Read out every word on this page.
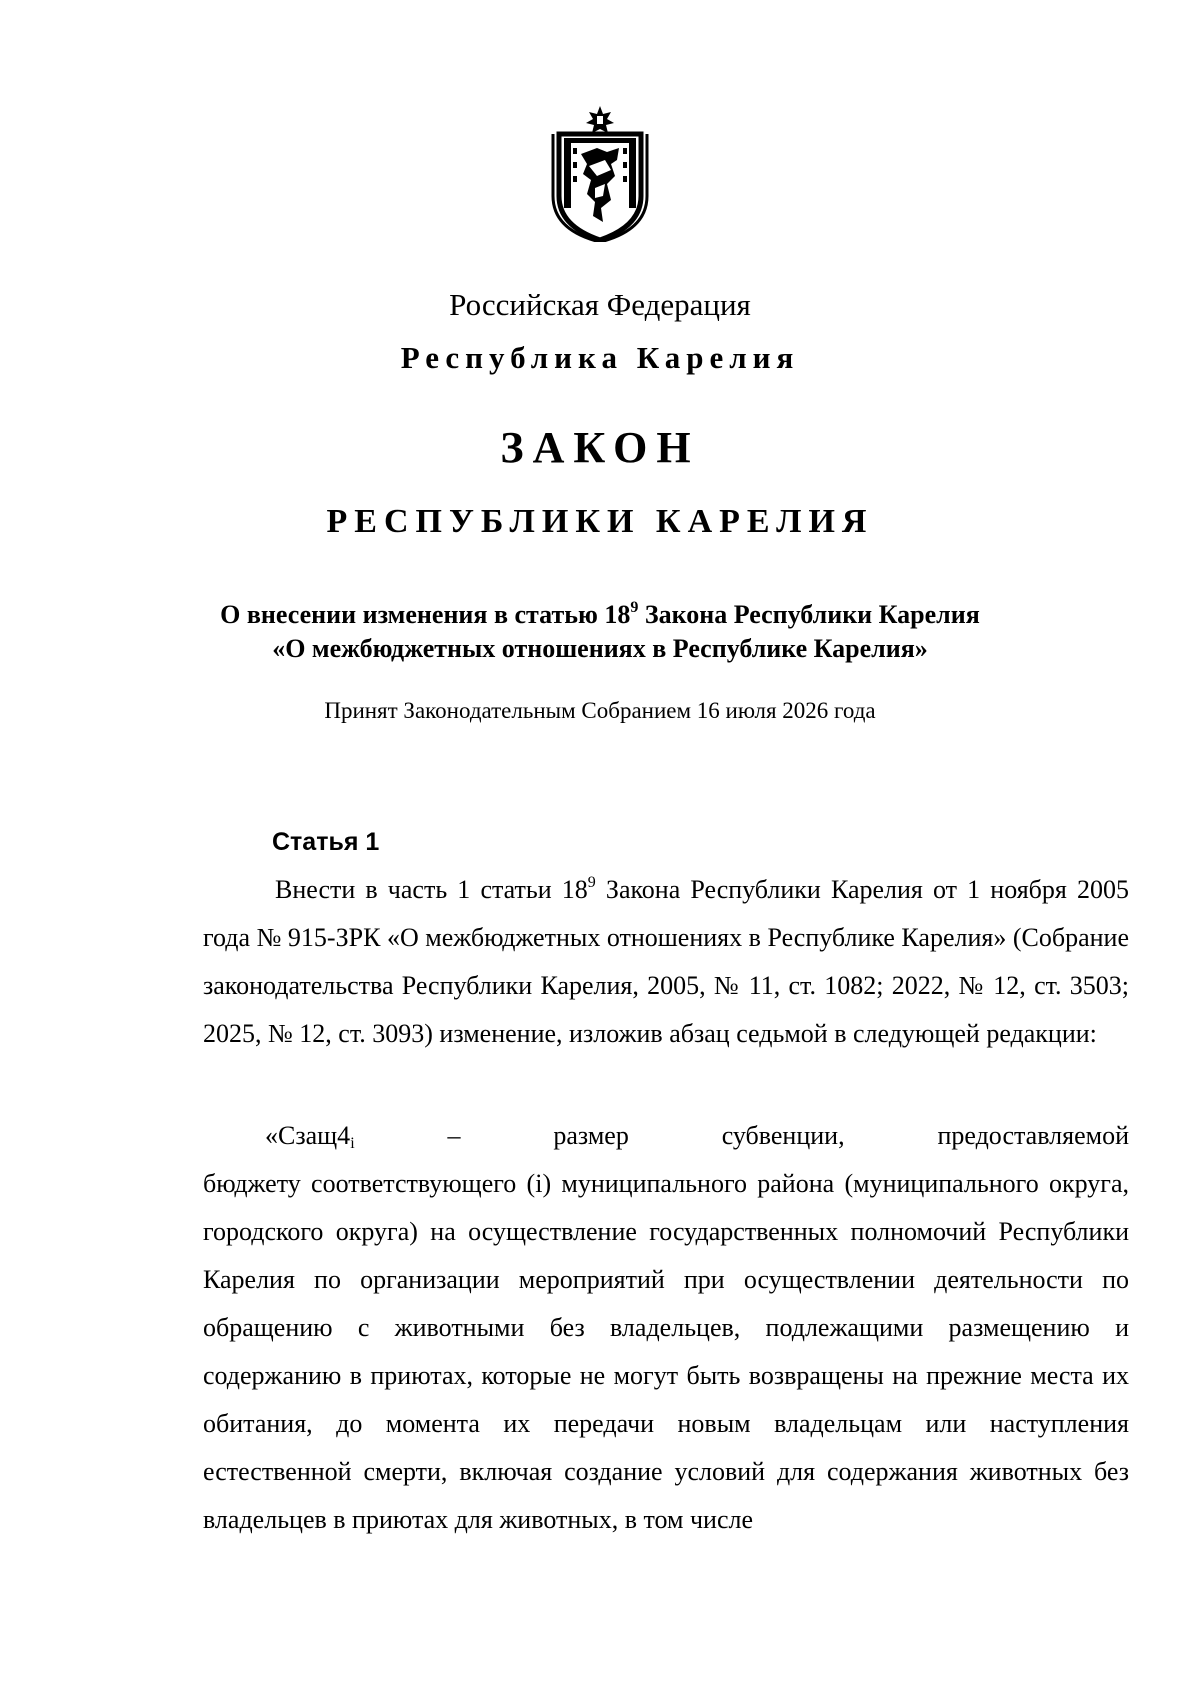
Российская Федерация
Республика Карелия
ЗАКОН
РЕСПУБЛИКИ КАРЕЛИЯ
О внесении изменения в статью $18^9$ Закона Республики Карелия
«О межбюджетных отношениях в Республике Карелия»
Принят Законодательным Собранием 16 июля 2026 года
Статья 1
Внести в часть 1 статьи $18^9$ Закона Республики Карелия от 1 ноября 2005 года № 915-ЗРК «О межбюджетных отношениях в Республике Карелия» (Собрание законодательства Республики Карелия, 2005, № 11, ст. 1082; 2022, № 12, ст. 3503; 2025, № 12, ст. 3093) изменение, изложив абзац седьмой в следующей редакции:
«$Сзащ4_i$ – размер субвенции, предоставляемой бюджету соответствующего (i) муниципального района (муниципального округа, городского округа) на осуществление государственных полномочий Республики Карелия по организации мероприятий при осуществлении деятельности по обращению с животными без владельцев, подлежащими размещению и содержанию в приютах, которые не могут быть возвращены на прежние места их обитания, до момента их передачи новым владельцам или наступления естественной смерти, включая создание условий для содержания животных без владельцев в приютах для животных, в том числе
